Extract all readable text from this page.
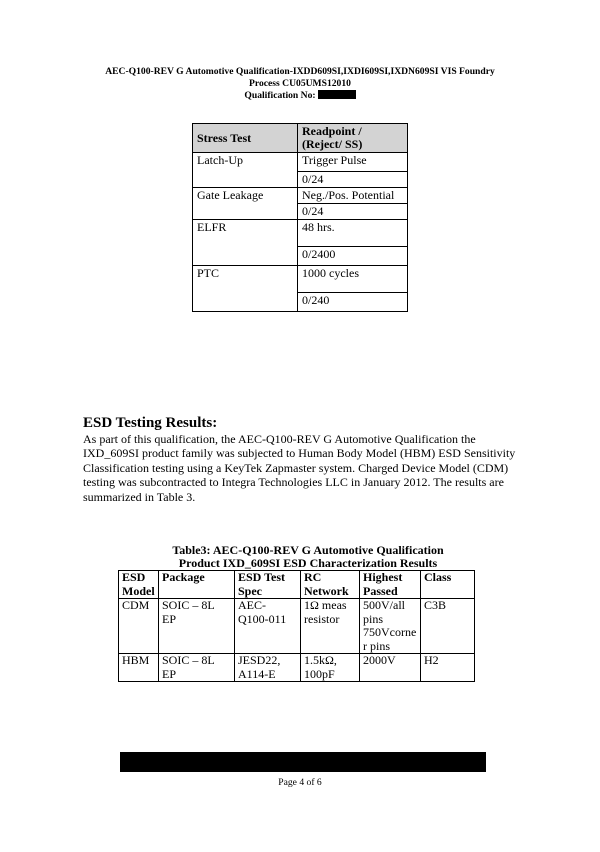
AEC-Q100-REV G Automotive Qualification-IXDD609SI,IXDI609SI,IXDN609SI VIS Foundry
Process CU05UMS12010
Qualification No:
Stress Test	Readpoint / (Reject/ SS)
Latch-Up	Trigger Pulse
	0/24
Gate Leakage	Neg./Pos. Potential
	0/24
ELFR	48 hrs.
	0/2400
PTC	1000 cycles
	0/240
ESD Testing Results:

As part of this qualification, the AEC-Q100-REV G Automotive Qualification the IXD_609SI product family was subjected to Human Body Model (HBM) ESD Sensitivity Classification testing using a KeyTek Zapmaster system. Charged Device Model (CDM) testing was subcontracted to Integra Technologies LLC in January 2012. The results are summarized in Table 3.

Table3: AEC-Q100-REV G Automotive Qualification
Product IXD_609SI ESD Characterization Results
ESD Model	Package	ESD Test Spec	RC Network	Highest Passed	Class
CDM	SOIC – 8L EP	AEC- Q100-011	1Ω meas resistor	500V/all pins 750Vcorner pins	C3B
HBM	SOIC – 8L EP	JESD22, A114-E	1.5kΩ, 100pF	2000V	H2
Page 4 of 6
